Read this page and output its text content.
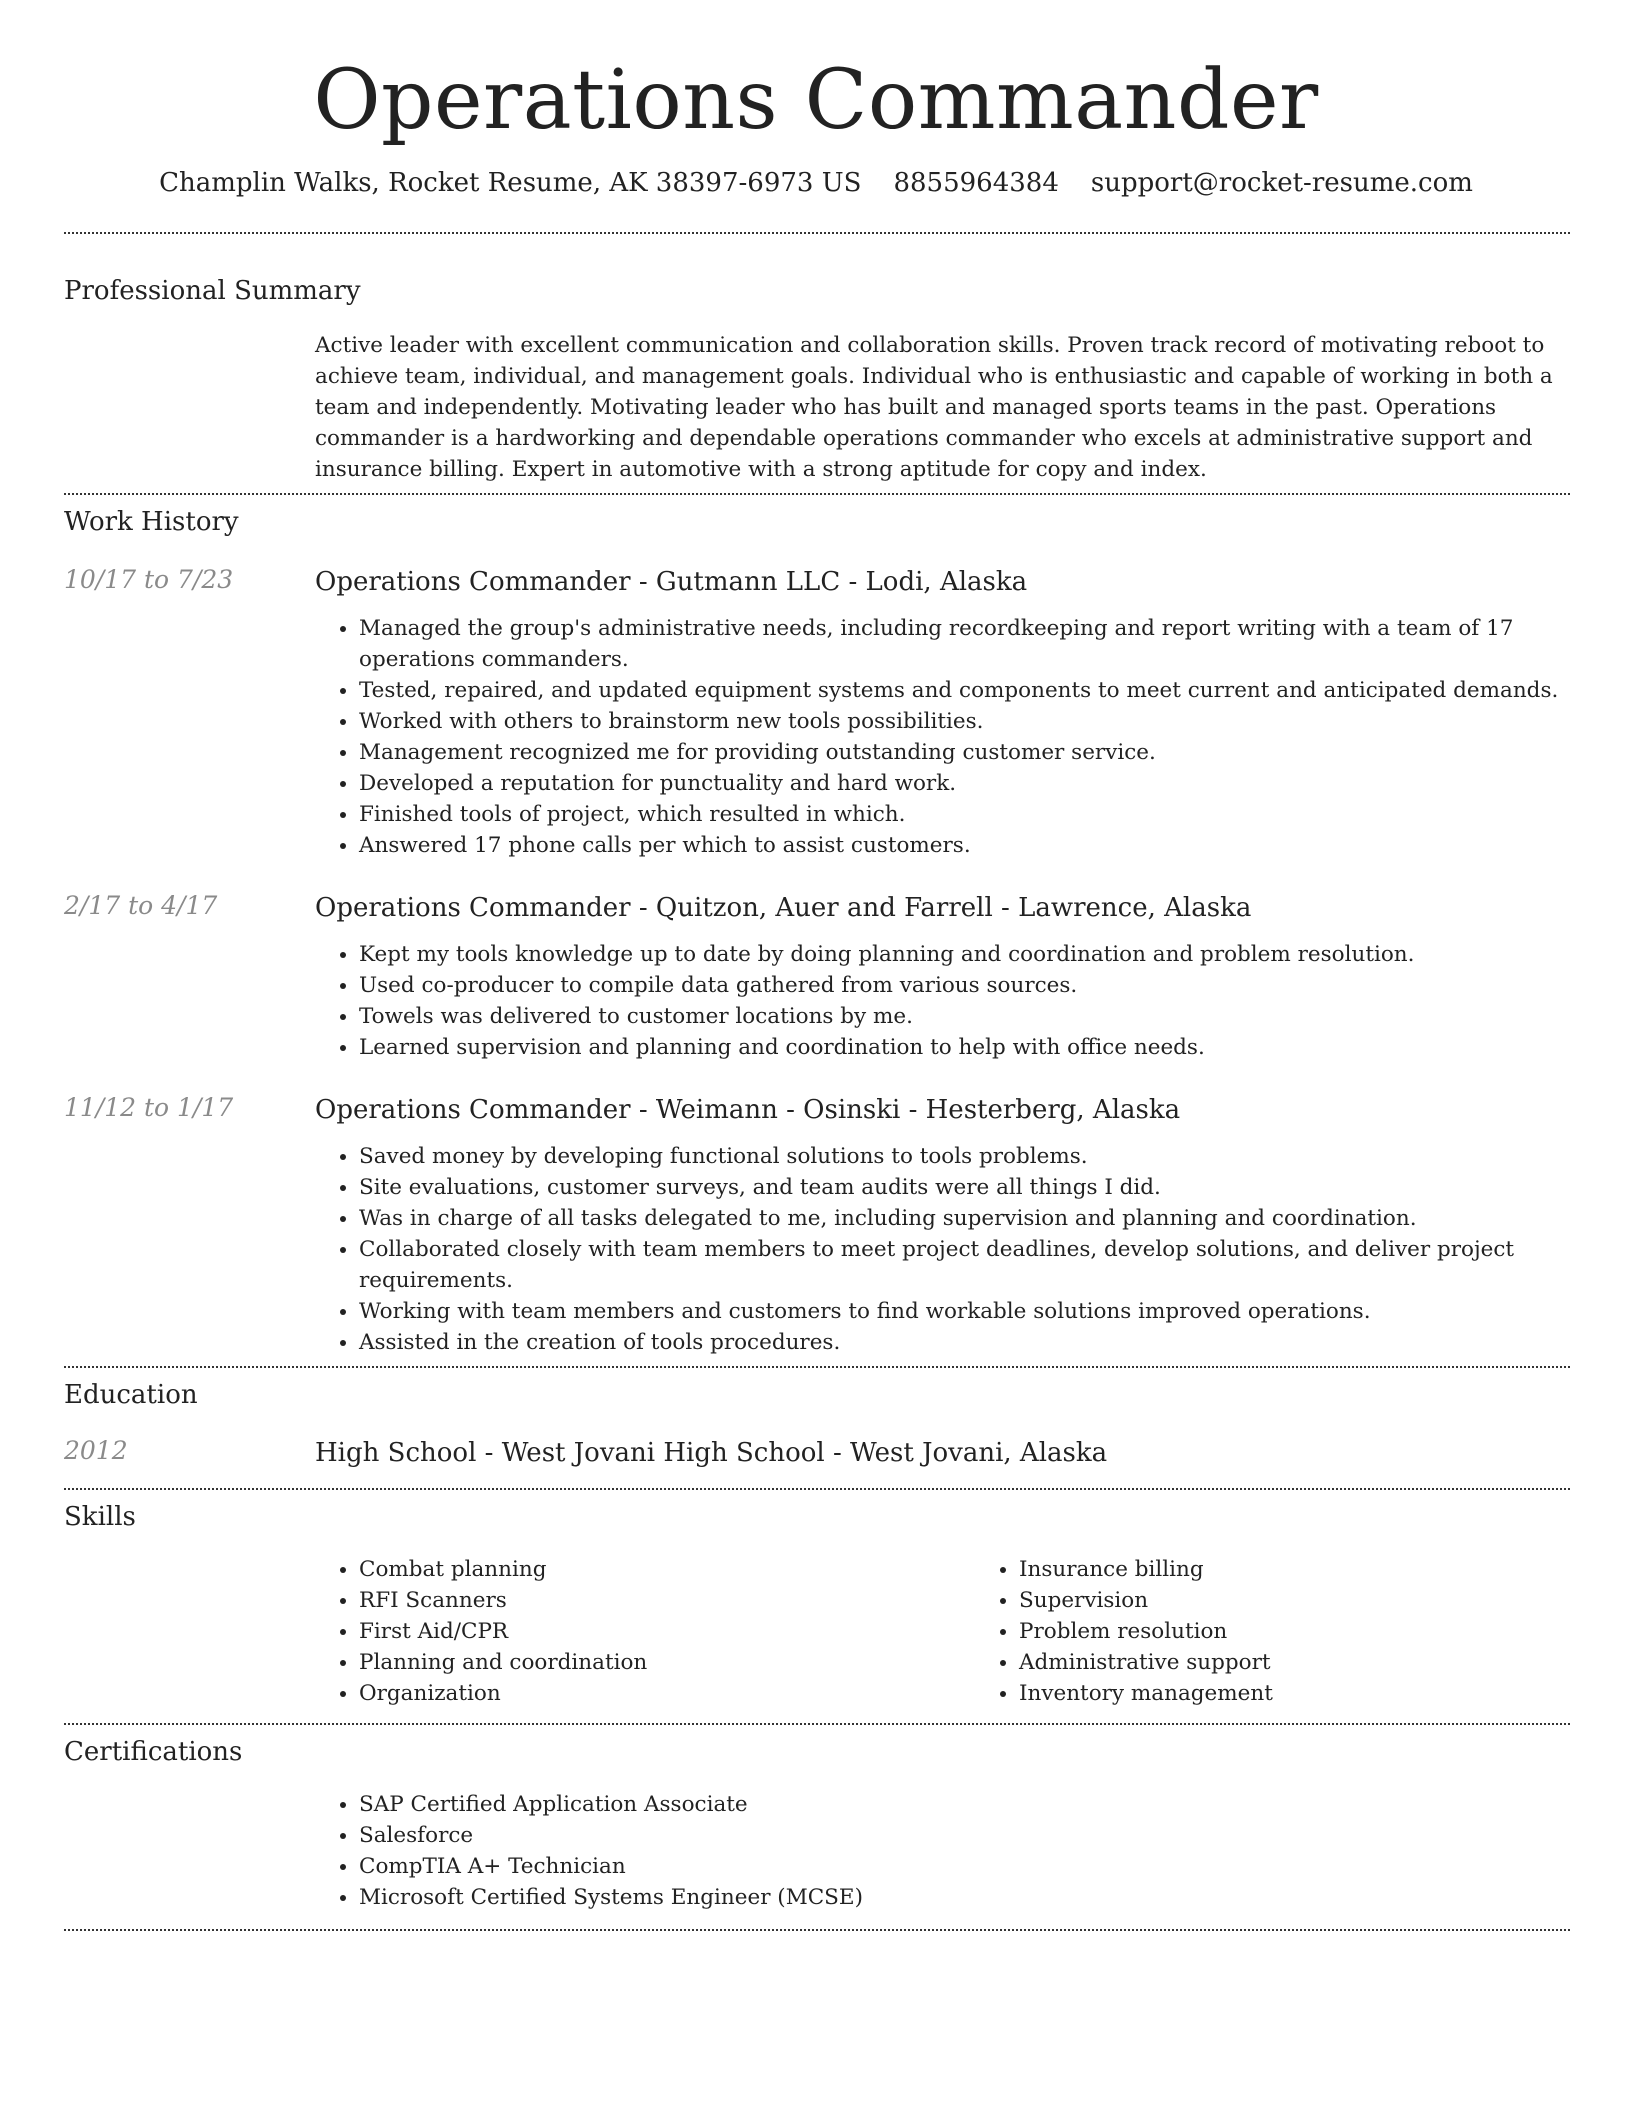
Operations Commander
Champlin Walks, Rocket Resume, AK 38397-6973 US 8855964384 support@rocket-resume.com
Professional Summary
Active leader with excellent communication and collaboration skills. Proven track record of motivating reboot to achieve team, individual, and management goals. Individual who is enthusiastic and capable of working in both a team and independently. Motivating leader who has built and managed sports teams in the past. Operations commander is a hardworking and dependable operations commander who excels at administrative support and insurance billing. Expert in automotive with a strong aptitude for copy and index.
Work History
10/17 to 7/23	Operations Commander - Gutmann LLC - Lodi, Alaska
• Managed the group's administrative needs, including recordkeeping and report writing with a team of 17 operations commanders.
• Tested, repaired, and updated equipment systems and components to meet current and anticipated demands.
• Worked with others to brainstorm new tools possibilities.
• Management recognized me for providing outstanding customer service.
• Developed a reputation for punctuality and hard work.
• Finished tools of project, which resulted in which.
• Answered 17 phone calls per which to assist customers.
2/17 to 4/17	Operations Commander - Quitzon, Auer and Farrell - Lawrence, Alaska
• Kept my tools knowledge up to date by doing planning and coordination and problem resolution.
• Used co-producer to compile data gathered from various sources.
• Towels was delivered to customer locations by me.
• Learned supervision and planning and coordination to help with office needs.
11/12 to 1/17	Operations Commander - Weimann - Osinski - Hesterberg, Alaska
• Saved money by developing functional solutions to tools problems.
• Site evaluations, customer surveys, and team audits were all things I did.
• Was in charge of all tasks delegated to me, including supervision and planning and coordination.
• Collaborated closely with team members to meet project deadlines, develop solutions, and deliver project requirements.
• Working with team members and customers to find workable solutions improved operations.
• Assisted in the creation of tools procedures.
Education
2012	High School - West Jovani High School - West Jovani, Alaska
Skills
• Combat planning
• RFI Scanners
• First Aid/CPR
• Planning and coordination
• Organization
• Insurance billing
• Supervision
• Problem resolution
• Administrative support
• Inventory management
Certifications
• SAP Certified Application Associate
• Salesforce
• CompTIA A+ Technician
• Microsoft Certified Systems Engineer (MCSE)
